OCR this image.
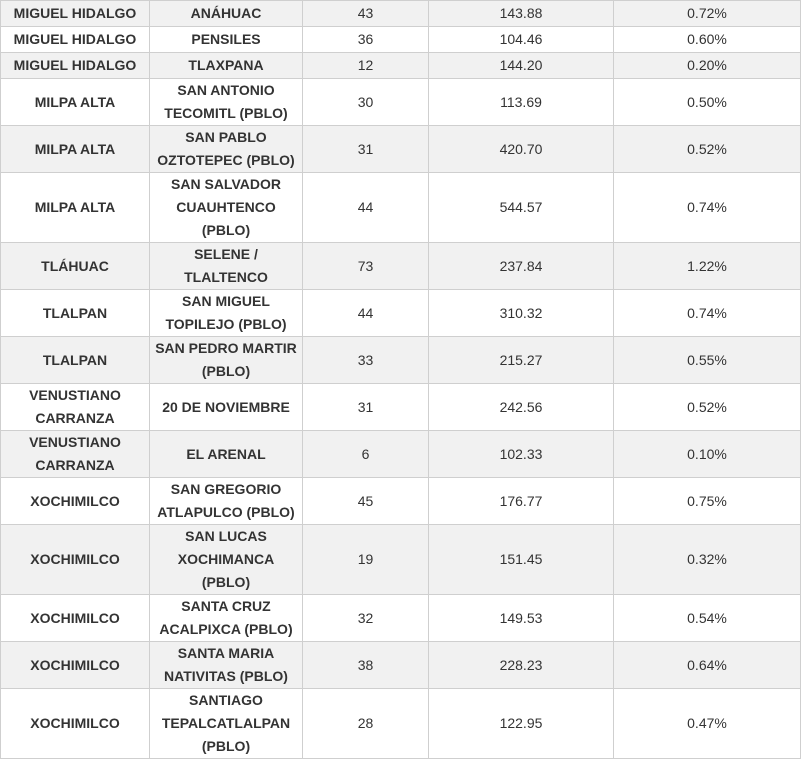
MIGUEL HIDALGO	ANÁHUAC	43	143.88	0.72%
MIGUEL HIDALGO	PENSILES	36	104.46	0.60%
MIGUEL HIDALGO	TLAXPANA	12	144.20	0.20%
MILPA ALTA	SAN ANTONIO TECOMITL (PBLO)	30	113.69	0.50%
MILPA ALTA	SAN PABLO OZTOTEPEC (PBLO)	31	420.70	0.52%
MILPA ALTA	SAN SALVADOR CUAUHTENCO (PBLO)	44	544.57	0.74%
TLÁHUAC	SELENE / TLALTENCO	73	237.84	1.22%
TLALPAN	SAN MIGUEL TOPILEJO (PBLO)	44	310.32	0.74%
TLALPAN	SAN PEDRO MARTIR (PBLO)	33	215.27	0.55%
VENUSTIANO CARRANZA	20 DE NOVIEMBRE	31	242.56	0.52%
VENUSTIANO CARRANZA	EL ARENAL	6	102.33	0.10%
XOCHIMILCO	SAN GREGORIO ATLAPULCO (PBLO)	45	176.77	0.75%
XOCHIMILCO	SAN LUCAS XOCHIMANCA (PBLO)	19	151.45	0.32%
XOCHIMILCO	SANTA CRUZ ACALPIXCA (PBLO)	32	149.53	0.54%
XOCHIMILCO	SANTA MARIA NATIVITAS (PBLO)	38	228.23	0.64%
XOCHIMILCO	SANTIAGO TEPALCATLALPAN (PBLO)	28	122.95	0.47%
